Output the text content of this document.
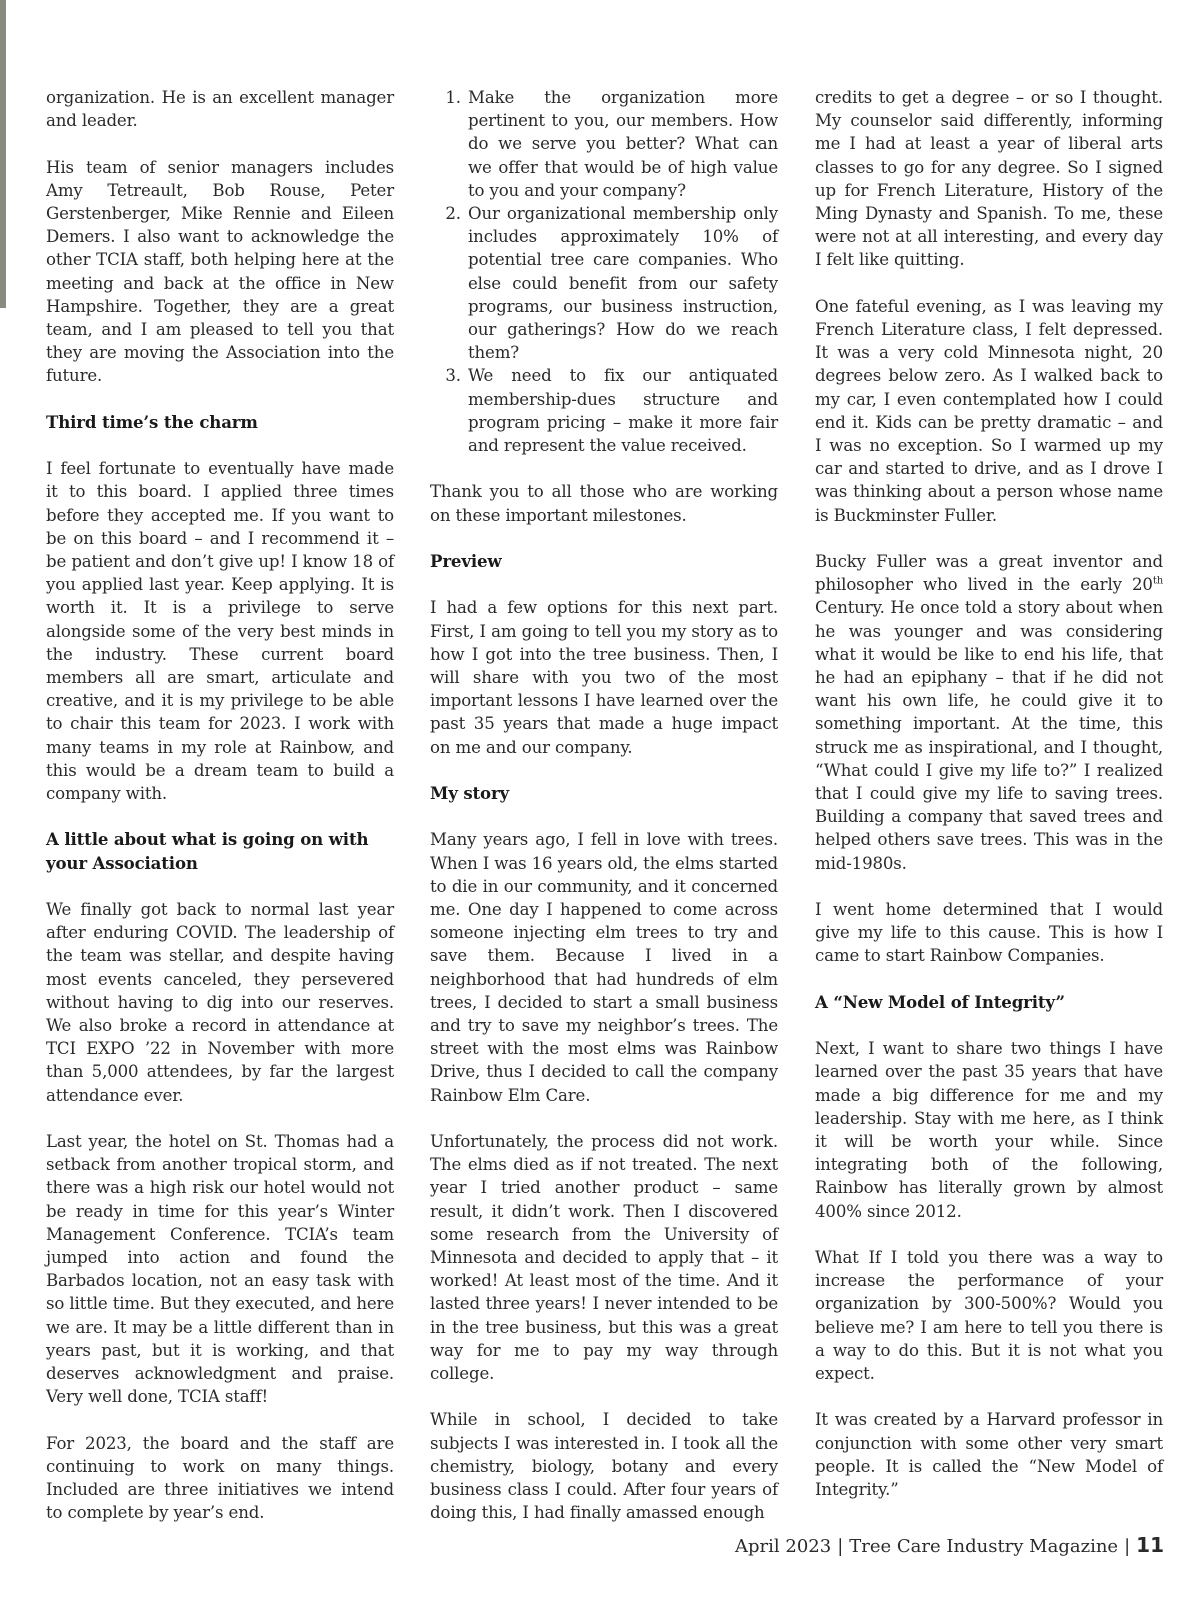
organization. He is an excellent manager and leader.

His team of senior managers includes Amy Tetreault, Bob Rouse, Peter Gerstenberger, Mike Rennie and Eileen Demers. I also want to acknowledge the other TCIA staff, both helping here at the meeting and back at the office in New Hampshire. Together, they are a great team, and I am pleased to tell you that they are moving the Association into the future.

Third time’s the charm

I feel fortunate to eventually have made it to this board. I applied three times before they accepted me. If you want to be on this board – and I recommend it – be patient and don’t give up! I know 18 of you applied last year. Keep applying. It is worth it. It is a privilege to serve alongside some of the very best minds in the industry. These current board members all are smart, articulate and creative, and it is my privilege to be able to chair this team for 2023. I work with many teams in my role at Rainbow, and this would be a dream team to build a company with.

A little about what is going on with your Association

We finally got back to normal last year after enduring COVID. The leadership of the team was stellar, and despite having most events canceled, they persevered without having to dig into our reserves. We also broke a record in attendance at TCI EXPO ’22 in November with more than 5,000 attendees, by far the largest attendance ever.

Last year, the hotel on St. Thomas had a setback from another tropical storm, and there was a high risk our hotel would not be ready in time for this year’s Winter Management Conference. TCIA’s team jumped into action and found the Barbados location, not an easy task with so little time. But they executed, and here we are. It may be a little different than in years past, but it is working, and that deserves acknowledgment and praise. Very well done, TCIA staff!

For 2023, the board and the staff are continuing to work on many things. Included are three initiatives we intend to complete by year’s end.

1. Make the organization more pertinent to you, our members. How do we serve you better? What can we offer that would be of high value to you and your company?
2. Our organizational membership only includes approximately 10% of potential tree care companies. Who else could benefit from our safety programs, our business instruction, our gatherings? How do we reach them?
3. We need to fix our antiquated membership-dues structure and program pricing – make it more fair and represent the value received.

Thank you to all those who are working on these important milestones.

Preview

I had a few options for this next part. First, I am going to tell you my story as to how I got into the tree business. Then, I will share with you two of the most important lessons I have learned over the past 35 years that made a huge impact on me and our company.

My story

Many years ago, I fell in love with trees. When I was 16 years old, the elms started to die in our community, and it concerned me. One day I happened to come across someone injecting elm trees to try and save them. Because I lived in a neighborhood that had hundreds of elm trees, I decided to start a small business and try to save my neighbor’s trees. The street with the most elms was Rainbow Drive, thus I decided to call the company Rainbow Elm Care.

Unfortunately, the process did not work. The elms died as if not treated. The next year I tried another product – same result, it didn’t work. Then I discovered some research from the University of Minnesota and decided to apply that – it worked! At least most of the time. And it lasted three years! I never intended to be in the tree business, but this was a great way for me to pay my way through college.

While in school, I decided to take subjects I was interested in. I took all the chemistry, biology, botany and every business class I could. After four years of doing this, I had finally amassed enough

credits to get a degree – or so I thought. My counselor said differently, informing me I had at least a year of liberal arts classes to go for any degree. So I signed up for French Literature, History of the Ming Dynasty and Spanish. To me, these were not at all interesting, and every day I felt like quitting.

One fateful evening, as I was leaving my French Literature class, I felt depressed. It was a very cold Minnesota night, 20 degrees below zero. As I walked back to my car, I even contemplated how I could end it. Kids can be pretty dramatic – and I was no exception. So I warmed up my car and started to drive, and as I drove I was thinking about a person whose name is Buckminster Fuller.

Bucky Fuller was a great inventor and philosopher who lived in the early 20th Century. He once told a story about when he was younger and was considering what it would be like to end his life, that he had an epiphany – that if he did not want his own life, he could give it to something important. At the time, this struck me as inspirational, and I thought, “What could I give my life to?” I realized that I could give my life to saving trees. Building a company that saved trees and helped others save trees. This was in the mid-1980s.

I went home determined that I would give my life to this cause. This is how I came to start Rainbow Companies.

A “New Model of Integrity”

Next, I want to share two things I have learned over the past 35 years that have made a big difference for me and my leadership. Stay with me here, as I think it will be worth your while. Since integrating both of the following, Rainbow has literally grown by almost 400% since 2012.

What If I told you there was a way to increase the performance of your organization by 300-500%? Would you believe me? I am here to tell you there is a way to do this. But it is not what you expect.

It was created by a Harvard professor in conjunction with some other very smart people. It is called the “New Model of Integrity.”

April 2023 | Tree Care Industry Magazine | 11
